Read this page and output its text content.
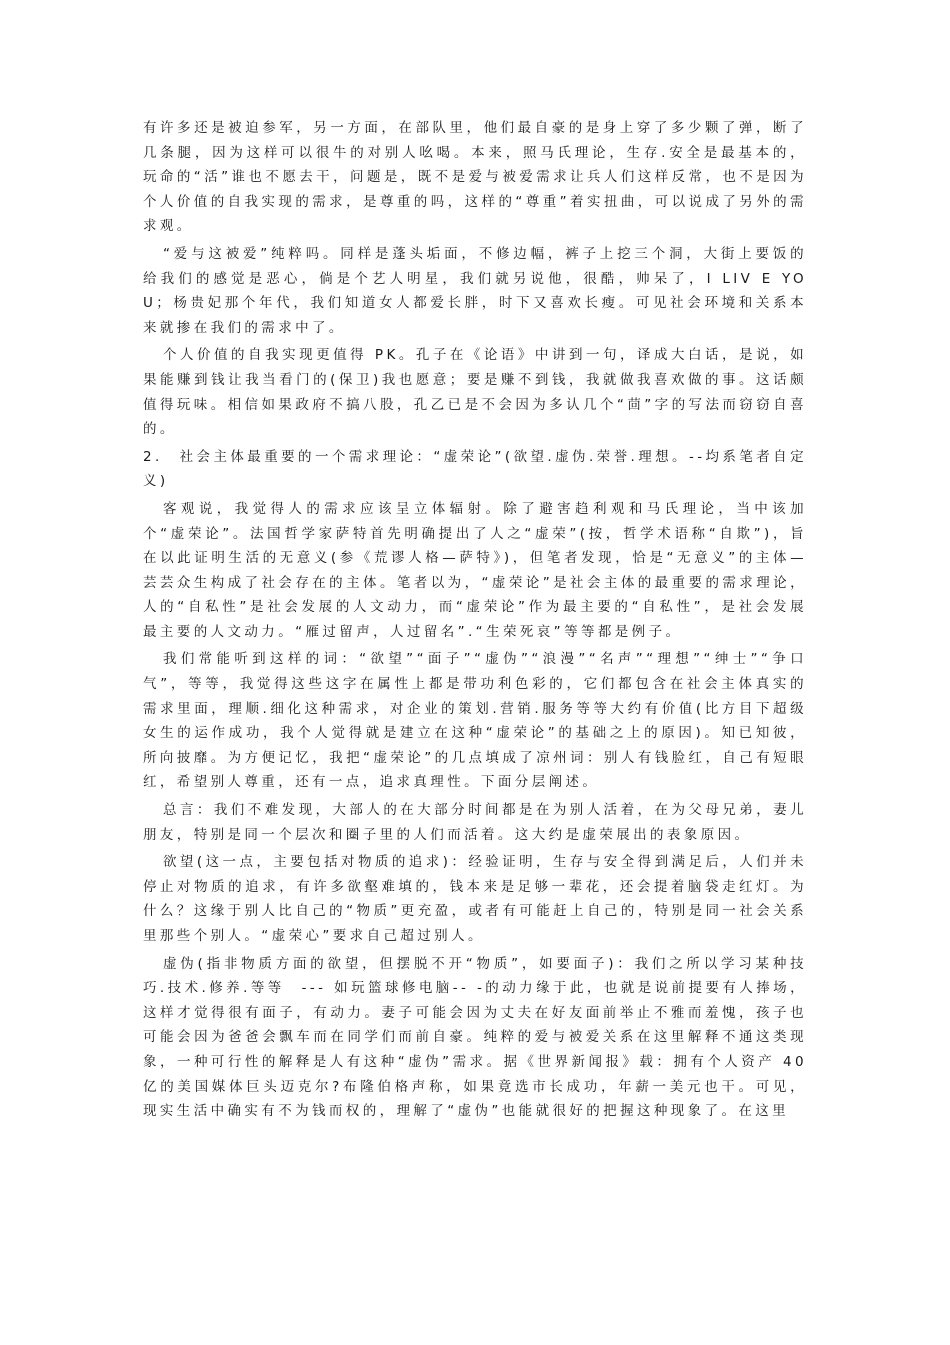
有许多还是被迫参军，另一方面，在部队里，他们最自豪的是身上穿了多少颗了弹，断了几条腿，因为这样可以很牛的对别人吆喝。本来，照马氏理论，生存.安全是最基本的，玩命的“活”谁也不愿去干，问题是，既不是爱与被爱需求让兵人们这样反常，也不是因为个人价值的自我实现的需求，是尊重的吗，这样的“尊重”着实扭曲，可以说成了另外的需求观。

“爱与这被爱”纯粹吗。同样是蓬头垢面，不修边幅，裤子上挖三个洞，大街上要饭的给我们的感觉是恶心，倘是个艺人明星，我们就另说他，很酷，帅呆了，I LIV E YOU；杨贵妃那个年代，我们知道女人都爱长胖，时下又喜欢长瘦。可见社会环境和关系本来就掺在我们的需求中了。

个人价值的自我实现更值得 PK。孔子在《论语》中讲到一句，译成大白话，是说，如果能赚到钱让我当看门的(保卫)我也愿意；要是赚不到钱，我就做我喜欢做的事。这话颇值得玩味。相信如果政府不搞八股，孔乙已是不会因为多认几个“茴”字的写法而窃窃自喜的。

2.　社会主体最重要的一个需求理论：“虚荣论”(欲望.虚伪.荣誉.理想。--均系笔者自定义)

客观说，我觉得人的需求应该呈立体辐射。除了避害趋利观和马氏理论，当中该加个“虚荣论”。法国哲学家萨特首先明确提出了人之“虚荣”(按，哲学术语称“自欺”)，旨在以此证明生活的无意义(参《荒谬人格—萨特》)，但笔者发现，恰是“无意义”的主体—芸芸众生构成了社会存在的主体。笔者以为，“虚荣论”是社会主体的最重要的需求理论，人的“自私性”是社会发展的人文动力，而“虚荣论”作为最主要的“自私性”，是社会发展最主要的人文动力。“雁过留声，人过留名”.“生荣死哀”等等都是例子。

我们常能听到这样的词：“欲望”“面子”“虚伪”“浪漫”“名声”“理想”“绅士”“争口气”，等等，我觉得这些这字在属性上都是带功利色彩的，它们都包含在社会主体真实的需求里面，理顺.细化这种需求，对企业的策划.营销.服务等等大约有价值(比方目下超级女生的运作成功，我个人觉得就是建立在这种“虚荣论”的基础之上的原因)。知已知彼，所向披靡。为方便记忆，我把“虚荣论”的几点填成了凉州词：别人有钱脸红，自己有短眼红，希望别人尊重，还有一点，追求真理性。下面分层阐述。

总言：我们不难发现，大部人的在大部分时间都是在为别人活着，在为父母兄弟，妻儿朋友，特别是同一个层次和圈子里的人们而活着。这大约是虚荣展出的表象原因。

欲望(这一点，主要包括对物质的追求)：经验证明，生存与安全得到满足后，人们并未停止对物质的追求，有许多欲壑难填的，钱本来是足够一辈花，还会提着脑袋走红灯。为什么？这缘于别人比自己的“物质”更充盈，或者有可能赶上自己的，特别是同一社会关系里那些个别人。“虚荣心”要求自己超过别人。

虚伪(指非物质方面的欲望，但摆脱不开“物质”，如要面子)：我们之所以学习某种技巧.技术.修养.等等　--- 如玩篮球修电脑-- -的动力缘于此，也就是说前提要有人捧场，这样才觉得很有面子，有动力。妻子可能会因为丈夫在好友面前举止不雅而羞愧，孩子也可能会因为爸爸会飘车而在同学们而前自豪。纯粹的爱与被爱关系在这里解释不通这类现象，一种可行性的解释是人有这种“虚伪”需求。据《世界新闻报》载：拥有个人资产 40 亿的美国媒体巨头迈克尔?布隆伯格声称，如果竟选市长成功，年薪一美元也干。可见，现实生活中确实有不为钱而权的，理解了“虚伪”也能就很好的把握这种现象了。在这里
